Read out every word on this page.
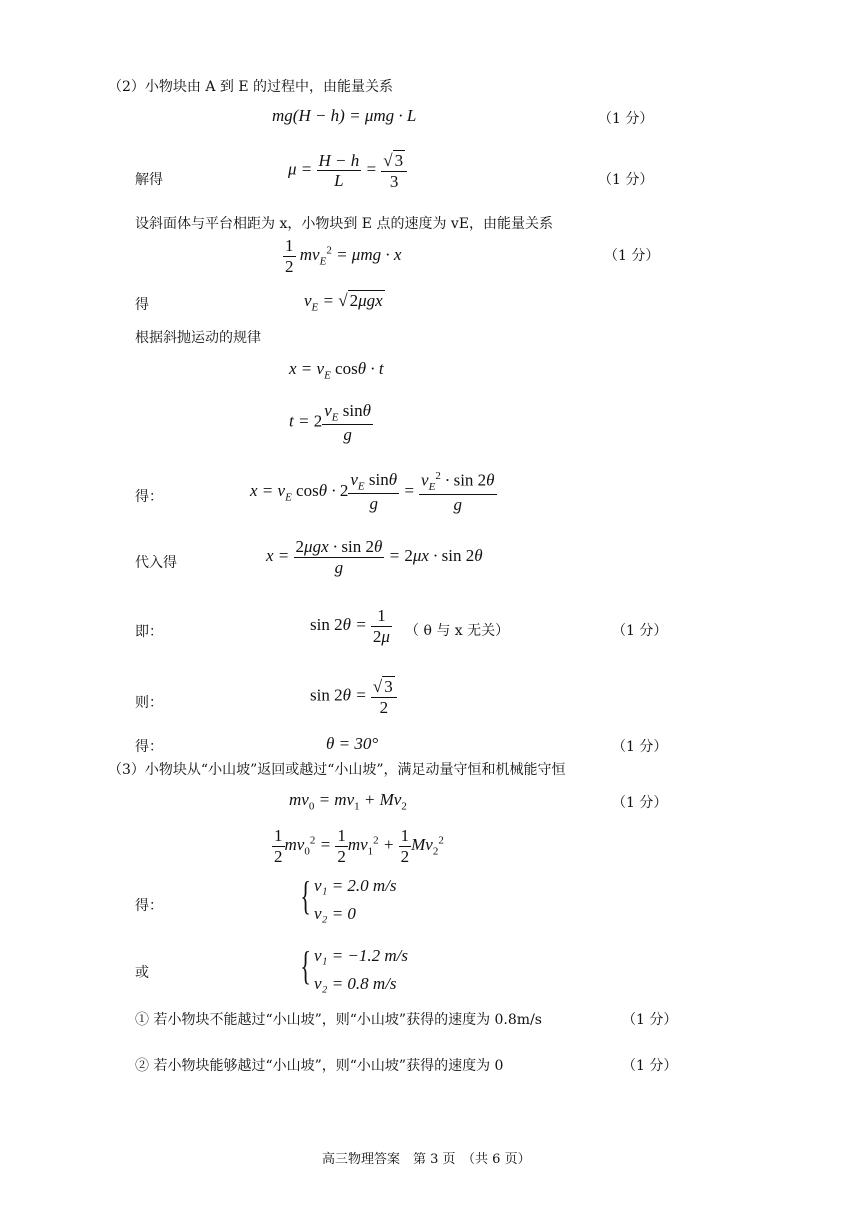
（2）小物块由 A 到 E 的过程中，由能量关系
mg(H − h) = μmg · L	（1 分）
解得
$\mu = \frac{H - h}{L} = \frac{√ 3}{3}$	（1 分）
设斜面体与平台相距为 x，小物块到 E 点的速度为 vE，由能量关系
$\frac{1}{2} mv_E^2 = \mu mg \cdot x$	（1 分）
得	$v_E$ = √ 2μgx
根据斜抛运动的规律
$x = v_E$ cosθ · t
$t = 2 \frac{v_E \sin\theta}{g}$
得：	$x = v_E$ $\cos\theta \cdot 2 \frac{v_E \sin\theta}{g} = \frac{v_E^2 \cdot \sin 2\theta}{g}$
代入得	$x = \frac{\text{2μgx · sin 2θ}}{g} = 2\mu x \cdot \sin 2\theta$
即：	$\sin 2\theta = \frac{1}{2\mu}$ （ θ 与 x 无关）	（1 分）
则：	$\sin 2\theta = \frac{√ 3}{2}$
得：	θ = 30°	（1 分）
（3）小物块从“小山坡”返回或越过“小山坡”，满足动量守恒和机械能守恒
$mv_0 = mv_1 + Mv_2$	（1 分）
$\frac{1}{2} mv_0^2 = \frac{1}{2} mv_1^2 + \frac{1}{2} Mv_2^2$
得：	{ v₁ = 2.0 m/s
v₂ = 0
或	{ v₁ = −1.2 m/s
v₂ = 0.8 m/s
① 若小物块不能越过“小山坡”，则“小山坡”获得的速度为 0.8m/s	（1 分）
② 若小物块能够越过“小山坡”，则“小山坡”获得的速度为 0	（1 分）
高三物理答案　第 3 页　（共 6 页）
